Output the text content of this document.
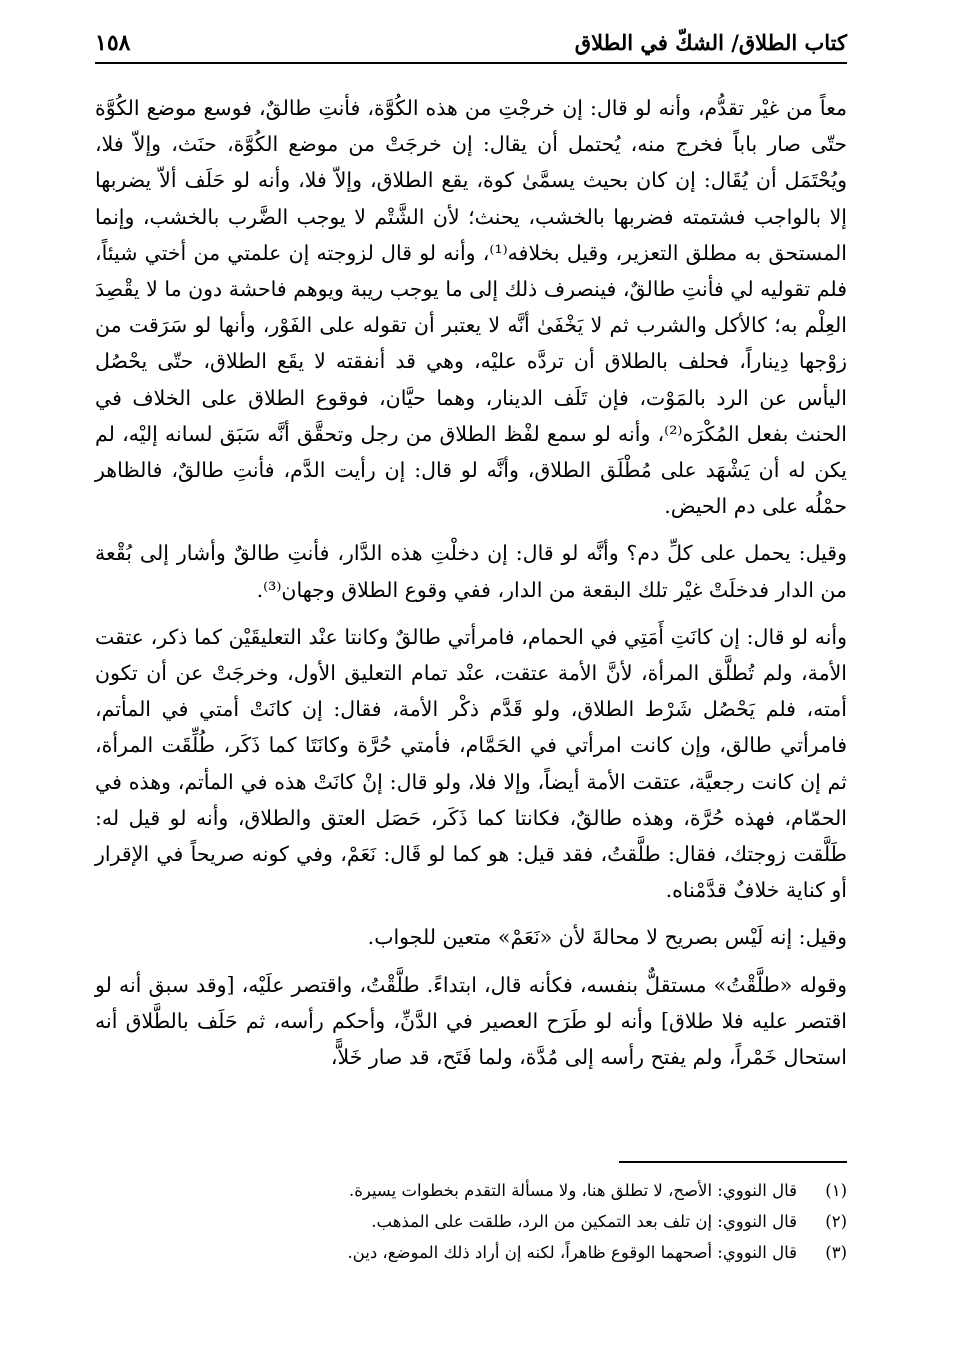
كتاب الطلاق/ الشكّ في الطلاق
١٥٨

معاً من غيْر تقدُّم، وأنه لو قال: إن خرجْتِ من هذه الكُوَّة، فأنتِ طالقٌ، فوسع موضع الكُوَّة حتّى صار باباً فخرج منه، يُحتمل أن يقال: إن خرجَتْ من موضع الكُوَّة، حنَث، وإلاّ فلا، ويُحْتَمَل أن يُقَال: إن كان بحيث يسمَّىٰ كوة، يقع الطلاق، وإلاّ فلا، وأنه لو حَلَف ألاّ يضربها إلا بالواجب فشتمته فضربها بالخشب، يحنث؛ لأن الشَّتْم لا يوجب الضَّرب بالخشب، وإنما المستحق به مطلق التعزير، وقيل بخلافه⁽¹⁾، وأنه لو قال لزوجته إن علمتي من أختي شيئاً، فلم تقوليه لي فأنتِ طالقٌ، فينصرف ذلك إلى ما يوجب ريبة ويوهم فاحشة دون ما لا يقْصِدَ العِلْم به؛ كالأكل والشرب ثم لا يَخْفَىٰ أنَّه لا يعتبر أن تقوله على الفَوْر، وأنها لو سَرَقت من زوْجها دِيناراً، فحلف بالطلاق أن تردَّه عليْه، وهي قد أنفقته لا يقَع الطلاق، حتّى يحْصُل اليأس عن الرد بالمَوْت، فإن تَلَف الدينار، وهما حيَّان، فوقوع الطلاق على الخلاف في الحنث بفعل المُكْرَه⁽²⁾، وأنه لو سمع لفْظ الطلاق من رجل وتحقَّق أنَّه سَبَق لسانه إليْه، لم يكن له أن يَشْهَد على مُطْلَق الطلاق، وأنَّه لو قال: إن رأيت الدَّم، فأنتِ طالقٌ، فالظاهر حمْلُه على دم الحيض.

وقيل: يحمل على كلِّ دم؟ وأنَّه لو قال: إن دخلْتِ هذه الدَّار، فأنتِ طالقٌ وأشار إلى بُقْعة من الدار فدخلَتْ غيْر تلك البقعة من الدار، ففي وقوع الطلاق وجهان⁽³⁾.

وأنه لو قال: إن كانَتِ أَمَتِي في الحمام، فامرأتي طالقٌ وكانتا عنْد التعليقَيْن كما ذكر، عتقت الأمة، ولم تُطلَّق المرأة، لأنَّ الأمة عتقت، عنْد تمام التعليق الأول، وخرجَتْ عن أن تكون أمته، فلم يَحْصُل شَرْط الطلاق، ولو قَدَّم ذكْر الأمة، فقال: إن كانَتْ أمتي في المأتم، فامرأتي طالق، وإن كانت امرأتي في الحَمَّام، فأمتي حُرَّة وكانَتَا كما ذَكَر، طُلِّقَت المرأة، ثم إن كانت رجعيَّة، عتقت الأمة أيضاً، وإلا فلا، ولو قال: إنْ كانَتْ هذه في المأتم، وهذه في الحمّام، فهذه حُرَّة، وهذه طالقٌ، فكانتا كما ذَكَر، حَصَل العتق والطلاق، وأنه لو قيل له: طَلَّقت زوجتك، فقال: طلَّقتُ، فقد قيل: هو كما لو قَال: نَعَمْ، وفي كونه صريحاً في الإقرار أو كناية خلافٌ قدَّمْناه.

وقيل: إنه لَيْس بصريح لا محالةَ لأن «نَعَمْ» متعين للجواب.

وقوله «طلَّقْتُ» مستقلٌّ بنفسه، فكأنه قال، ابتداءً. طلَّقْتُ، واقتصر علَيْه، [وقد سبق أنه لو اقتصر عليه فلا طلاق] وأنه لو طَرَح العصير في الدَّنِّ، وأحكم رأسه، ثم حَلَف بالطَّلاق أنه استحال خَمْراً، ولم يفتح رأسه إلى مُدَّة، ولما فَتَح، قد صار خَلاًّ،

(١)قال النووي: الأصح، لا تطلق هنا، ولا مسألة التقدم بخطوات يسيرة.
(٢)قال النووي: إن تلف بعد التمكين من الرد، طلقت على المذهب.
(٣)قال النووي: أصحهما الوقوع ظاهراً، لكنه إن أراد ذلك الموضع، دين.
